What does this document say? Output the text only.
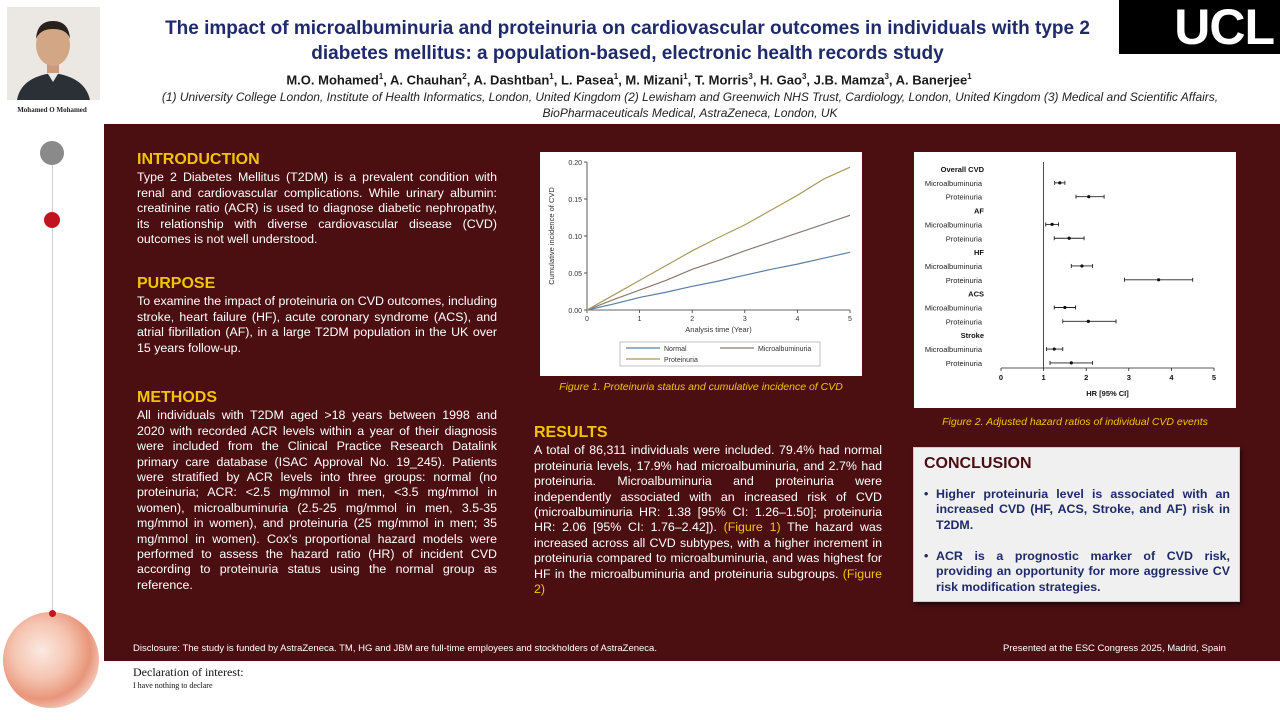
Mohamed O Mohamed
The impact of microalbuminuria and proteinuria on cardiovascular outcomes in individuals with type 2 diabetes mellitus: a population-based, electronic health records study
M.O. Mohamed$^1$, A. Chauhan$^2$, A. Dashtban$^1$, L. Pasea$^1$, M. Mizani$^1$, T. Morris$^3$, H. Gao$^3$, J.B. Mamza$^3$, A. Banerjee$^1$
(1) University College London, Institute of Health Informatics, London, United Kingdom (2) Lewisham and Greenwich NHS Trust, Cardiology, London, United Kingdom (3) Medical and Scientific Affairs, BioPharmaceuticals Medical, AstraZeneca, London, UK
UCL
INTRODUCTION
Type 2 Diabetes Mellitus (T2DM) is a prevalent condition with renal and cardiovascular complications. While urinary albumin: creatinine ratio (ACR) is used to diagnose diabetic nephropathy, its relationship with diverse cardiovascular disease (CVD) outcomes is not well understood.
PURPOSE
To examine the impact of proteinuria on CVD outcomes, including stroke, heart failure (HF), acute coronary syndrome (ACS), and atrial fibrillation (AF), in a large T2DM population in the UK over 15 years follow-up.
METHODS
All individuals with T2DM aged >18 years between 1998 and 2020 with recorded ACR levels within a year of their diagnosis were included from the Clinical Practice Research Datalink primary care database (ISAC Approval No. 19_245). Patients were stratified by ACR levels into three groups: normal (no proteinuria; ACR: <2.5 mg/mmol in men, <3.5 mg/mmol in women), microalbuminuria (2.5-25 mg/mmol in men, 3.5-35 mg/mmol in women), and proteinuria (25 mg/mmol in men; 35 mg/mmol in women). Cox's proportional hazard models were performed to assess the hazard ratio (HR) of incident CVD according to proteinuria status using the normal group as reference.
0.00
0.05
0.10
0.15
0.20
0	1	2	3	4	5
Analysis time (Year)
Cumulative incidence of CVD
Normal	Microalbuminuria
Proteinuria
Figure 1. Proteinuria status and cumulative incidence of CVD
RESULTS
A total of 86,311 individuals were included. 79.4% had normal proteinuria levels, 17.9% had microalbuminuria, and 2.7% had proteinuria. Microalbuminuria and proteinuria were independently associated with an increased risk of CVD (microalbuminuria HR: 1.38 [95% CI: 1.26–1.50]; proteinuria HR: 2.06 [95% CI: 1.76–2.42]). (Figure 1) The hazard was increased across all CVD subtypes, with a higher increment in proteinuria compared to microalbuminuria, and was highest for HF in the microalbuminuria and proteinuria subgroups. (Figure 2)
Overall CVD
Microalbuminuria
Proteinuria
AF
Microalbuminuria
Proteinuria
HF
Microalbuminuria
Proteinuria
ACS
Microalbuminuria
Proteinuria
Stroke
Microalbuminuria
Proteinuria
0	1	2	3	4	5
HR [95% CI]
Figure 2. Adjusted hazard ratios of individual CVD events
CONCLUSION
• Higher proteinuria level is associated with an increased CVD (HF, ACS, Stroke, and AF) risk in T2DM.
• ACR is a prognostic marker of CVD risk, providing an opportunity for more aggressive CV risk modification strategies.
Disclosure: The study is funded by AstraZeneca. TM, HG and JBM are full-time employees and stockholders of AstraZeneca.	Presented at the ESC Congress 2025, Madrid, Spain
Declaration of interest:
I have nothing to declare
